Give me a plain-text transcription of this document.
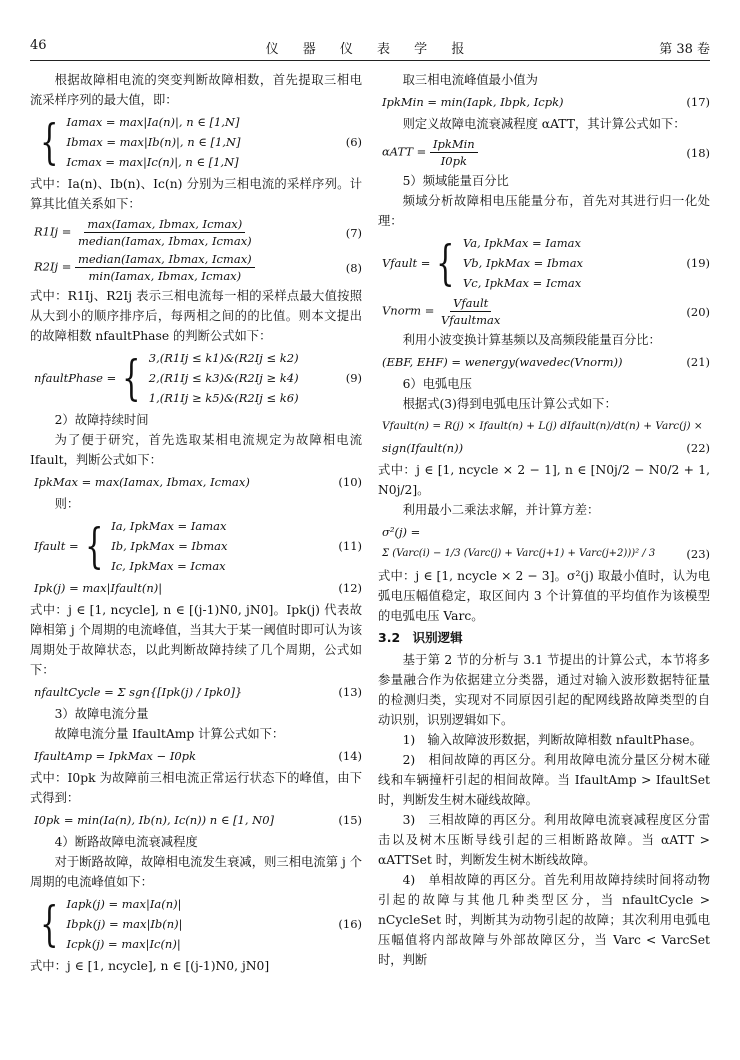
46	仪 器 仪 表 学 报	第 38 卷

根据故障相电流的突变判断故障相数，首先提取三相电流采样序列的最大值，即：

{ Iamax = max|Ia(n)|, n ∈ [1,N]
Ibmax = max|Ib(n)|, n ∈ [1,N]
Icmax = max|Ic(n)|, n ∈ [1,N]
(6)

式中：Ia(n)、Ib(n)、Ic(n) 分别为三相电流的采样序列。计算其比值关系如下：

$R1Ij = \frac{\max(Iamax, Ibmax, Icmax)}{\text{median(Iamax, Ibmax, Icmax)}}$	(7)
$R2Ij = \frac{\text{median(Iamax, Ibmax, Icmax)}}{\min(Iamax, Ibmax, Icmax)}$	(8)

式中：R1Ij、R2Ij 表示三相电流每一相的采样点最大值按照从大到小的顺序排序后，每两相之间的的比值。则本文提出的故障相数 nfaultPhase 的判断公式如下：

nfaultPhase = { 3,(R1Ij ≤ k1)&(R2Ij ≤ k2)
2,(R1Ij ≤ k3)&(R2Ij ≥ k4)
1,(R1Ij ≥ k5)&(R2Ij ≤ k6)
(9)

2）故障持续时间

为了便于研究，首先选取某相电流规定为故障相电流 Ifault，判断公式如下：

IpkMax = max(Iamax, Ibmax, Icmax)	(10)

则：

Ifault = { Ia, IpkMax = Iamax
Ib, IpkMax = Ibmax
Ic, IpkMax = Icmax
(11)
Ipk(j) = max|Ifault(n)|	(12)

式中：j ∈ [1, ncycle], n ∈ [(j-1)N0, jN0]。Ipk(j) 代表故障相第 j 个周期的电流峰值，当其大于某一阈值时即可认为该周期处于故障状态，以此判断故障持续了几个周期，公式如下：

nfaultCycle = Σ sgn{[Ipk(j) / Ipk0]}	(13)

3）故障电流分量

故障电流分量 IfaultAmp 计算公式如下：

IfaultAmp = IpkMax − I0pk	(14)

式中：I0pk 为故障前三相电流正常运行状态下的峰值，由下式得到：

I0pk = min(Ia(n), Ib(n), Ic(n)) n ∈ [1, N0]	(15)

4）断路故障电流衰减程度

对于断路故障，故障相电流发生衰减，则三相电流第 j 个周期的电流峰值如下：

{ Iapk(j) = max|Ia(n)|
Ibpk(j) = max|Ib(n)|
Icpk(j) = max|Ic(n)|
(16)

式中：j ∈ [1, ncycle], n ∈ [(j-1)N0, jN0]

取三相电流峰值最小值为

IpkMin = min(Iapk, Ibpk, Icpk)	(17)

则定义故障电流衰减程度 αATT，其计算公式如下：

$\alpha ATT = \frac{\text{IpkMin}}{I0pk}$	(18)

5）频域能量百分比

频域分析故障相电压能量分布，首先对其进行归一化处理：

Vfault = { Va, IpkMax = Iamax
Vb, IpkMax = Ibmax
Vc, IpkMax = Icmax
(19)
Vnorm = $\frac{\text{Vfault}}{\text{Vfaultmax}}$	(20)

利用小波变换计算基频以及高频段能量百分比：

(EBF, EHF) = wenergy(wavedec(Vnorm))	(21)

6）电弧电压

根据式(3)得到电弧电压计算公式如下：

Vfault(n) = R(j) × Ifault(n) + L(j) dIfault(n)/dt(n) + Varc(j) ×
sign(Ifault(n))	(22)

式中：j ∈ [1, ncycle × 2 − 1], n ∈ [N0j/2 − N0/2 + 1, N0j/2]。

利用最小二乘法求解，并计算方差：

σ²(j) =
Σ (Varc(i) − 1/3 (Varc(j) + Varc(j+1) + Varc(j+2)))² / 3	(23)

式中：j ∈ [1, ncycle × 2 − 3]。σ²(j) 取最小值时，认为电弧电压幅值稳定，取区间内 3 个计算值的平均值作为该模型的电弧电压 Varc。

3.2　识别逻辑

基于第 2 节的分析与 3.1 节提出的计算公式，本节将多参量融合作为依据建立分类器，通过对输入波形数据特征量的检测归类，实现对不同原因引起的配网线路故障类型的自动识别，识别逻辑如下。

1)　输入故障波形数据，判断故障相数 nfaultPhase。

2)　相间故障的再区分。利用故障电流分量区分树木碰线和车辆撞杆引起的相间故障。当 IfaultAmp > IfaultSet 时，判断发生树木碰线故障。

3)　三相故障的再区分。利用故障电流衰减程度区分雷击以及树木压断导线引起的三相断路故障。当 αATT > αATTSet 时，判断发生树木断线故障。

4)　单相故障的再区分。首先利用故障持续时间将动物引起的故障与其他几种类型区分，当 nfaultCycle > nCycleSet 时，判断其为动物引起的故障；其次利用电弧电压幅值将内部故障与外部故障区分，当 Varc < VarcSet 时，判断
